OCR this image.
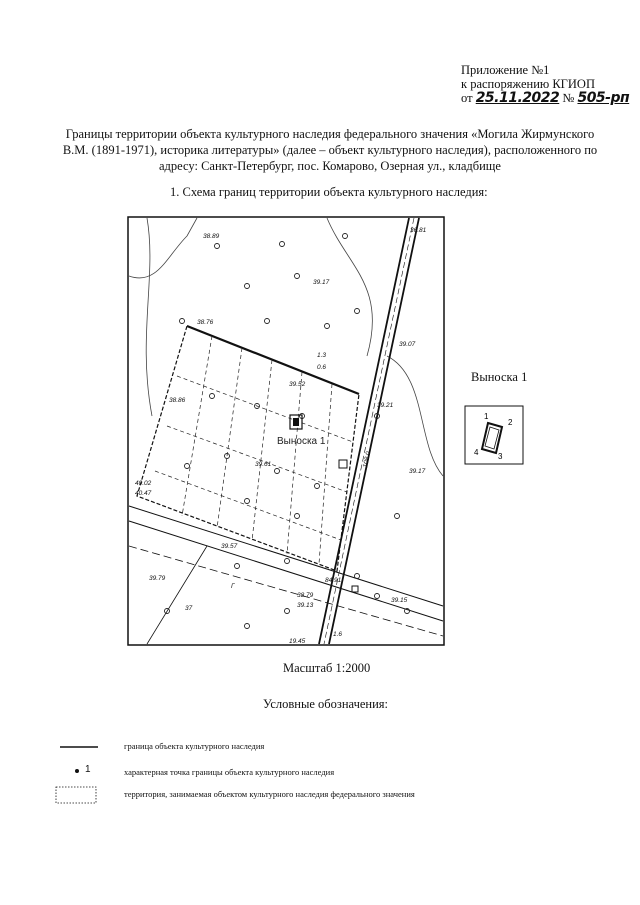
Приложение №1
к распоряжению КГИОП
от 25.11.2022 № 505-рп
Границы территории объекта культурного наследия федерального значения «Могила Жирмунского В.М. (1891-1971), историка литературы» (далее – объект культурного наследия), расположенного по адресу: Санкт-Петербург, пос. Комарово, Озерная ул., кладбище
1. Схема границ территории объекта культурного наследия:
38.89
36.81
39.17
38.76
39.07
1.3
0.6
39.52
38.86
39.21
39.17
39.61	108.0
40.02
40.47
39.57
39.79	84.91
38.79
39.13
39.15
37
1.6
19.45
Г
Выноска 1
Выноска 1
1
2
3
4
Масштаб 1:2000
Условные обозначения:
граница объекта культурного наследия
1	характерная точка границы объекта культурного наследия
территория, занимаемая объектом культурного наследия федерального значения
